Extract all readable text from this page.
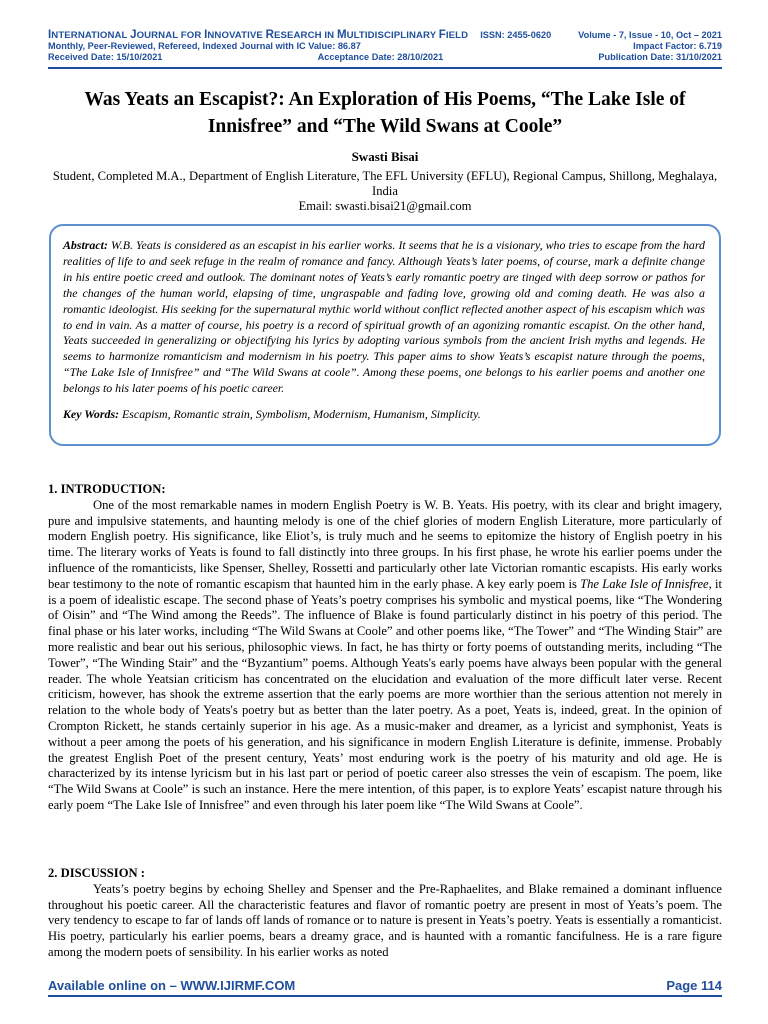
INTERNATIONAL JOURNAL FOR INNOVATIVE RESEARCH IN MULTIDISCIPLINARY FIELD ISSN: 2455-0620	Volume - 7, Issue - 10, Oct – 2021
Monthly, Peer-Reviewed, Refereed, Indexed Journal with IC Value: 86.87	Impact Factor: 6.719
Received Date: 15/10/2021	Acceptance Date: 28/10/2021	Publication Date: 31/10/2021
Was Yeats an Escapist?: An Exploration of His Poems, “The Lake Isle of Innisfree” and “The Wild Swans at Coole”
Swasti Bisai
Student, Completed M.A., Department of English Literature, The EFL University (EFLU), Regional Campus, Shillong, Meghalaya, India
Email: swasti.bisai21@gmail.com
Abstract: W.B. Yeats is considered as an escapist in his earlier works. It seems that he is a visionary, who tries to escape from the hard realities of life to and seek refuge in the realm of romance and fancy. Although Yeats’s later poems, of course, mark a definite change in his entire poetic creed and outlook. The dominant notes of Yeats’s early romantic poetry are tinged with deep sorrow or pathos for the changes of the human world, elapsing of time, ungraspable and fading love, growing old and coming death. He was also a romantic ideologist. His seeking for the supernatural mythic world without conflict reflected another aspect of his escapism which was to end in vain. As a matter of course, his poetry is a record of spiritual growth of an agonizing romantic escapist. On the other hand, Yeats succeeded in generalizing or objectifying his lyrics by adopting various symbols from the ancient Irish myths and legends. He seems to harmonize romanticism and modernism in his poetry. This paper aims to show Yeats’s escapist nature through the poems, “The Lake Isle of Innisfree” and “The Wild Swans at coole”. Among these poems, one belongs to his earlier poems and another one belongs to his later poems of his poetic career.
Key Words: Escapism, Romantic strain, Symbolism, Modernism, Humanism, Simplicity.
1. INTRODUCTION:
One of the most remarkable names in modern English Poetry is W. B. Yeats. His poetry, with its clear and bright imagery, pure and impulsive statements, and haunting melody is one of the chief glories of modern English Literature, more particularly of modern English poetry. His significance, like Eliot’s, is truly much and he seems to epitomize the history of English poetry in his time. The literary works of Yeats is found to fall distinctly into three groups. In his first phase, he wrote his earlier poems under the influence of the romanticists, like Spenser, Shelley, Rossetti and particularly other late Victorian romantic escapists. His early works bear testimony to the note of romantic escapism that haunted him in the early phase. A key early poem is The Lake Isle of Innisfree, it is a poem of idealistic escape. The second phase of Yeats’s poetry comprises his symbolic and mystical poems, like “The Wondering of Oisin” and “The Wind among the Reeds”. The influence of Blake is found particularly distinct in his poetry of this period. The final phase or his later works, including “The Wild Swans at Coole” and other poems like, “The Tower” and “The Winding Stair” are more realistic and bear out his serious, philosophic views. In fact, he has thirty or forty poems of outstanding merits, including “The Tower”, “The Winding Stair” and the “Byzantium” poems. Although Yeats's early poems have always been popular with the general reader. The whole Yeatsian criticism has concentrated on the elucidation and evaluation of the more difficult later verse. Recent criticism, however, has shook the extreme assertion that the early poems are more worthier than the serious attention not merely in relation to the whole body of Yeats's poetry but as better than the later poetry. As a poet, Yeats is, indeed, great. In the opinion of Crompton Rickett, he stands certainly superior in his age. As a music-maker and dreamer, as a lyricist and symphonist, Yeats is without a peer among the poets of his generation, and his significance in modern English Literature is definite, immense. Probably the greatest English Poet of the present century, Yeats’ most enduring work is the poetry of his maturity and old age. He is characterized by its intense lyricism but in his last part or period of poetic career also stresses the vein of escapism. The poem, like “The Wild Swans at Coole” is such an instance. Here the mere intention, of this paper, is to explore Yeats’ escapist nature through his early poem “The Lake Isle of Innisfree” and even through his later poem like “The Wild Swans at Coole”.
2. DISCUSSION :
Yeats’s poetry begins by echoing Shelley and Spenser and the Pre-Raphaelites, and Blake remained a dominant influence throughout his poetic career. All the characteristic features and flavor of romantic poetry are present in most of Yeats’s poem. The very tendency to escape to far of lands off lands of romance or to nature is present in Yeats’s poetry. Yeats is essentially a romanticist. His poetry, particularly his earlier poems, bears a dreamy grace, and is haunted with a romantic fancifulness. He is a rare figure among the modern poets of sensibility. In his earlier works as noted
Available online on – WWW.IJIRMF.COM	Page 114
